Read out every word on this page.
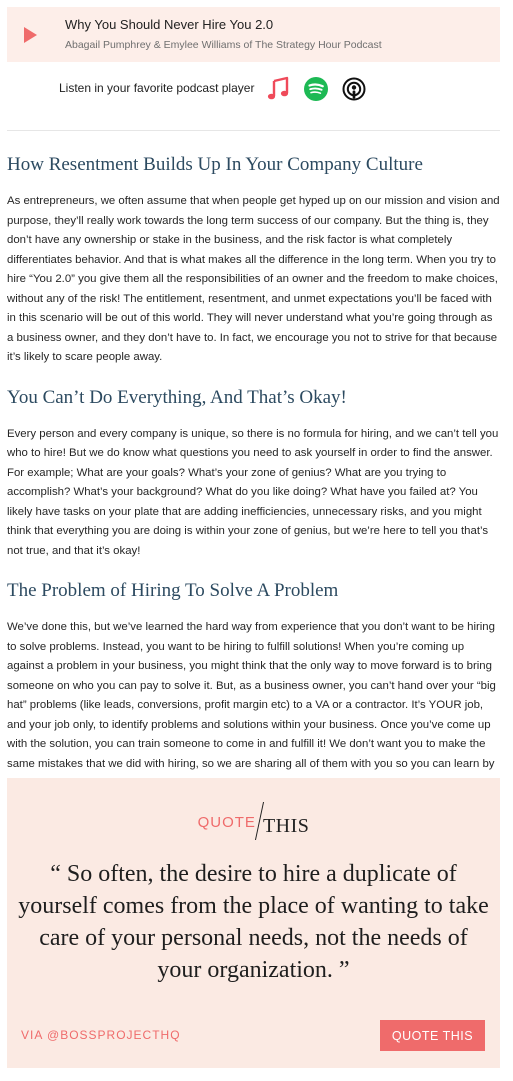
Why You Should Never Hire You 2.0
Abagail Pumphrey & Emylee Williams of The Strategy Hour Podcast
Listen in your favorite podcast player
How Resentment Builds Up In Your Company Culture

As entrepreneurs, we often assume that when people get hyped up on our mission and vision and purpose, they’ll really work towards the long term success of our company. But the thing is, they don’t have any ownership or stake in the business, and the risk factor is what completely differentiates behavior. And that is what makes all the difference in the long term. When you try to hire “You 2.0” you give them all the responsibilities of an owner and the freedom to make choices, without any of the risk! The entitlement, resentment, and unmet expectations you’ll be faced with in this scenario will be out of this world. They will never understand what you’re going through as a business owner, and they don’t have to. In fact, we encourage you not to strive for that because it’s likely to scare people away.

You Can’t Do Everything, And That’s Okay!

Every person and every company is unique, so there is no formula for hiring, and we can’t tell you who to hire! But we do know what questions you need to ask yourself in order to find the answer. For example; What are your goals? What’s your zone of genius? What are you trying to accomplish? What’s your background? What do you like doing? What have you failed at? You likely have tasks on your plate that are adding inefficiencies, unnecessary risks, and you might think that everything you are doing is within your zone of genius, but we’re here to tell you that’s not true, and that it’s okay!

The Problem of Hiring To Solve A Problem

We’ve done this, but we’ve learned the hard way from experience that you don’t want to be hiring to solve problems. Instead, you want to be hiring to fulfill solutions! When you’re coming up against a problem in your business, you might think that the only way to move forward is to bring someone on who you can pay to solve it. But, as a business owner, you can’t hand over your “big hat” problems (like leads, conversions, profit margin etc) to a VA or a contractor. It’s YOUR job, and your job only, to identify problems and solutions within your business. Once you’ve come up with the solution, you can train someone to come in and fulfill it! We don’t want you to make the same mistakes that we did with hiring, so we are sharing all of them with you so you can learn by

QUOTE THIS
“ So often, the desire to hire a duplicate of yourself comes from the place of wanting to take care of your personal needs, not the needs of your organization. ”
VIA @BOSSPROJECTHQ	QUOTE THIS
